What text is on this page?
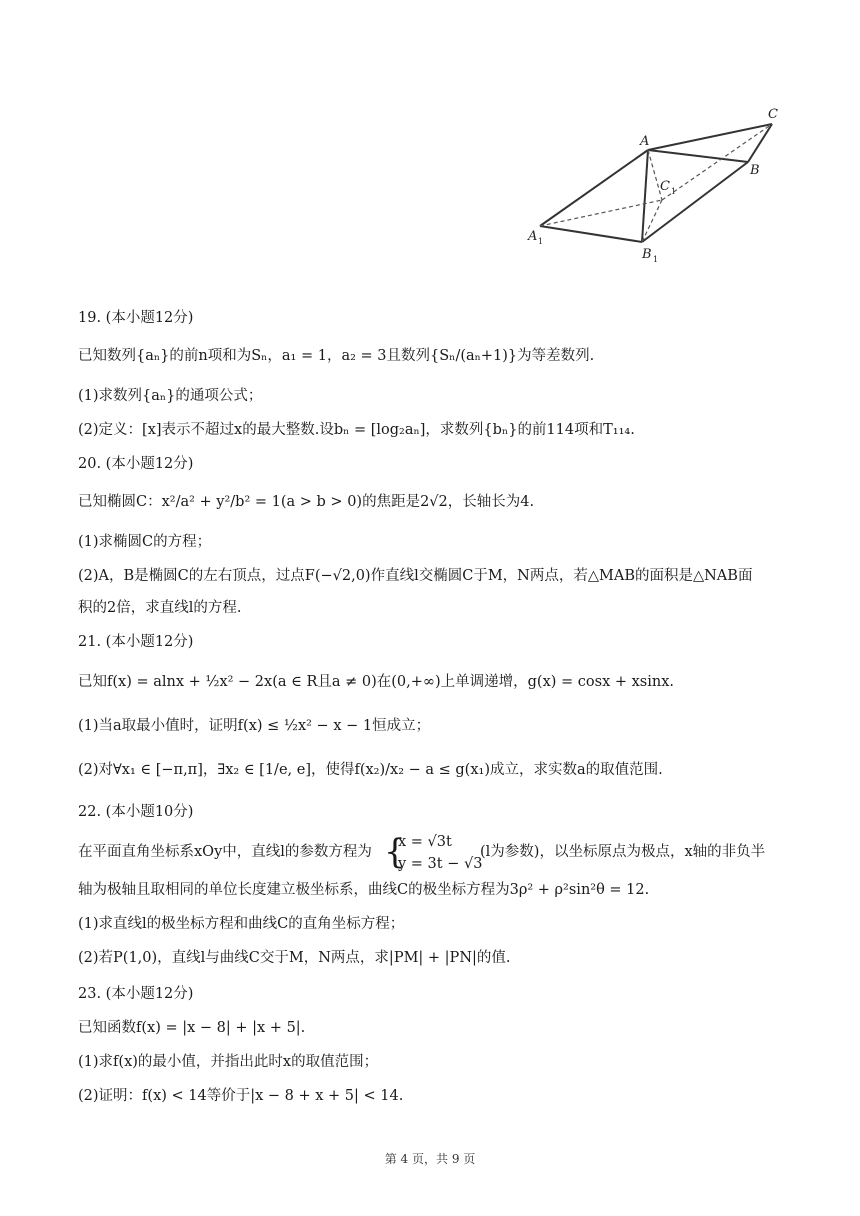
A
C
B
C 1
A 1
B 1
19. (本小题12分)
已知数列{aₙ}的前n项和为Sₙ，a₁ = 1，a₂ = 3且数列{Sₙ/(aₙ+1)}为等差数列.
(1)求数列{aₙ}的通项公式；
(2)定义：[x]表示不超过x的最大整数.设bₙ = [log₂aₙ]，求数列{bₙ}的前114项和T₁₁₄.
20. (本小题12分)
已知椭圆C：x²/a² + y²/b² = 1(a > b > 0)的焦距是2√2，长轴长为4.
(1)求椭圆C的方程；
(2)A，B是椭圆C的左右顶点，过点F(−√2,0)作直线l交椭圆C于M，N两点，若△MAB的面积是△NAB面
积的2倍，求直线l的方程.
21. (本小题12分)
已知f(x) = alnx + ½x² − 2x(a ∈ R且a ≠ 0)在(0,+∞)上单调递增，g(x) = cosx + xsinx.
(1)当a取最小值时，证明f(x) ≤ ½x² − x − 1恒成立；
(2)对∀x₁ ∈ [−π,π]，∃x₂ ∈ [1/e, e]，使得f(x₂)/x₂ − a ≤ g(x₁)成立，求实数a的取值范围.
22. (本小题10分)
在平面直角坐标系xOy中，直线l的参数方程为 {
x = √3t
y = 3t − √3
(l为参数)，以坐标原点为极点，x轴的非负半
轴为极轴且取相同的单位长度建立极坐标系，曲线C的极坐标方程为3ρ² + ρ²sin²θ = 12.
(1)求直线l的极坐标方程和曲线C的直角坐标方程；
(2)若P(1,0)，直线l与曲线C交于M，N两点，求|PM| + |PN|的值.
23. (本小题12分)
已知函数f(x) = |x − 8| + |x + 5|.
(1)求f(x)的最小值，并指出此时x的取值范围；
(2)证明：f(x) < 14等价于|x − 8 + x + 5| < 14.
第 4 页，共 9 页
